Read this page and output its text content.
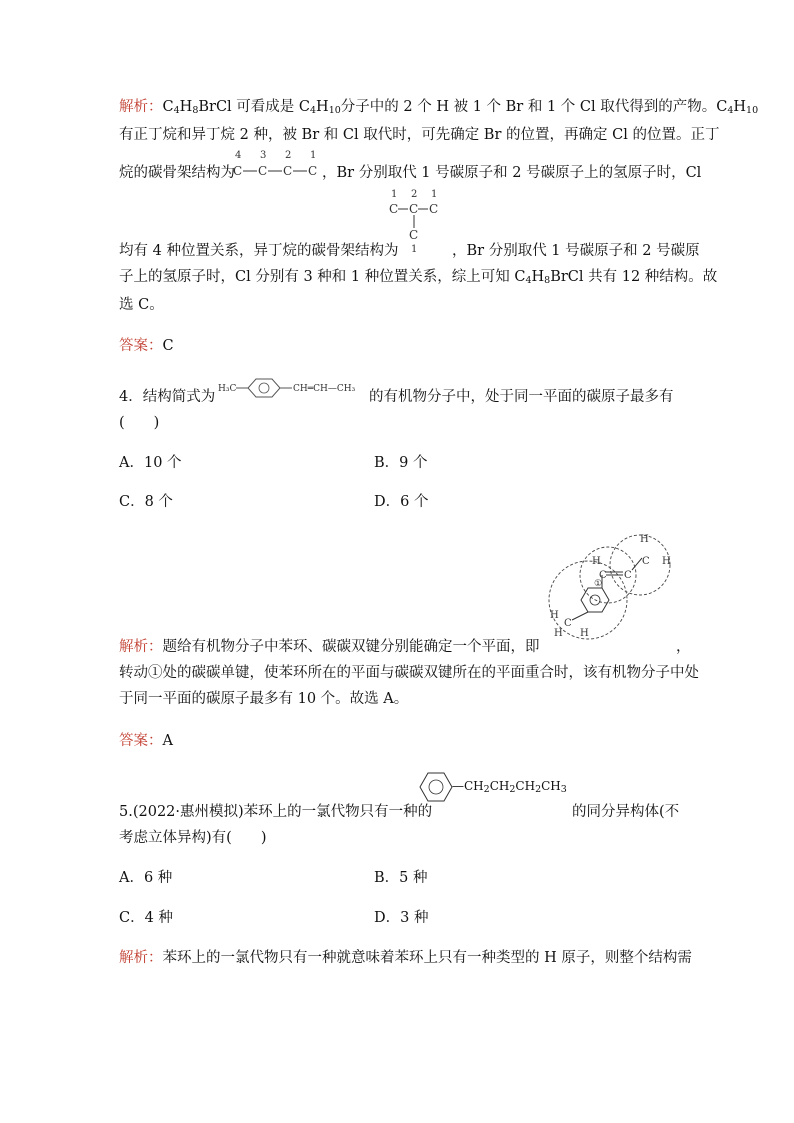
解析：$C_4H_8BrCl$ 可看成是 $C_4H_{10}$分子中的 2 个 H 被 1 个 Br 和 1 个 Cl 取代得到的产物。$C_4H_{10}$
有正丁烷和异丁烷 2 种，被 Br 和 Cl 取代时，可先确定 Br 的位置，再确定 Cl 的位置。正丁
烷的碳骨架结构为
4 3 2 1
C C C C ，Br 分别取代 1 号碳原子和 2 号碳原子上的氢原子时，Cl
1 2 1
1
C C C
C
均有 4 种位置关系，异丁烷的碳骨架结构为	，Br 分别取代 1 号碳原子和 2 号碳原
子上的氢原子时，Cl 分别有 3 种和 1 种位置关系，综上可知 $C_4H_8BrCl$ 共有 12 种结构。故
选 C。
答案：C
4．结构简式为 H₃C	CH═CH—CH₃ 的有机物分子中，处于同一平面的碳原子最多有
(　　)
A．10 个	B．9 个
C．8 个	D．6 个
H
H
C
H
H
C C
H
C H
①
解析：题给有机物分子中苯环、碳碳双键分别能确定一个平面，即	，
转动①处的碳碳单键，使苯环所在的平面与碳碳双键所在的平面重合时，该有机物分子中处
于同一平面的碳原子最多有 10 个。故选 A。
答案：A
5.(2022·惠州模拟)苯环上的一氯代物只有一种的
$—CH_2CH_2CH_2CH_3$
的同分异构体(不
考虑立体异构)有(　　)
A．6 种	B．5 种
C．4 种	D．3 种
解析：苯环上的一氯代物只有一种就意味着苯环上只有一种类型的 H 原子，则整个结构需
